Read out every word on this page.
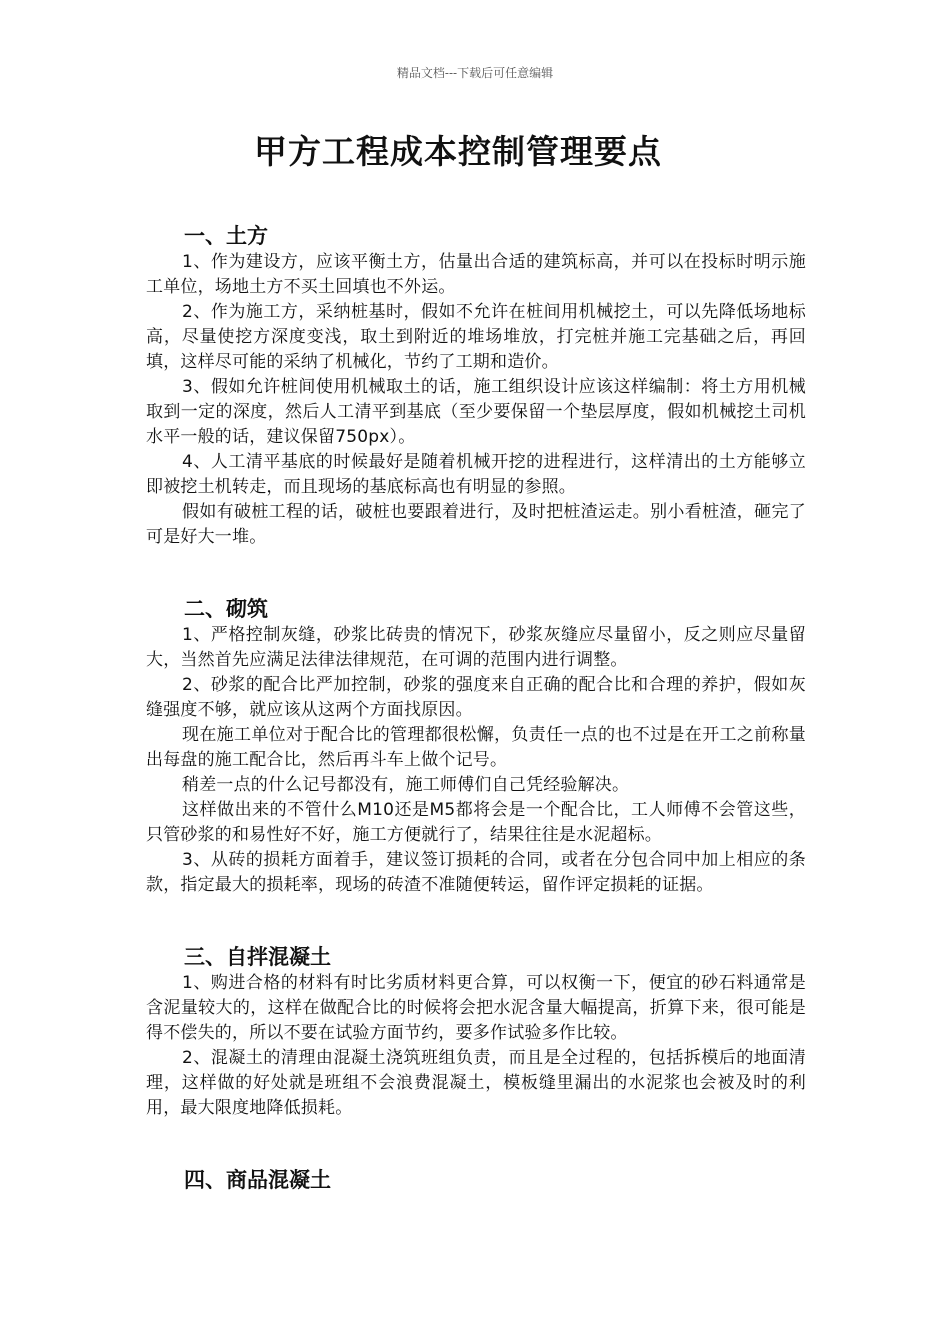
精品文档---下载后可任意编辑
甲方工程成本控制管理要点
一、土方

1、作为建设方，应该平衡土方，估量出合适的建筑标高，并可以在投标时明示施工单位，场地土方不买土回填也不外运。

2、作为施工方，采纳桩基时，假如不允许在桩间用机械挖土，可以先降低场地标高，尽量使挖方深度变浅，取土到附近的堆场堆放，打完桩并施工完基础之后，再回填，这样尽可能的采纳了机械化，节约了工期和造价。

3、假如允许桩间使用机械取土的话，施工组织设计应该这样编制：将土方用机械取到一定的深度，然后人工清平到基底（至少要保留一个垫层厚度，假如机械挖土司机水平一般的话，建议保留750px）。

4、人工清平基底的时候最好是随着机械开挖的进程进行，这样清出的土方能够立即被挖土机转走，而且现场的基底标高也有明显的参照。

假如有破桩工程的话，破桩也要跟着进行，及时把桩渣运走。别小看桩渣，砸完了可是好大一堆。

二、砌筑

1、严格控制灰缝，砂浆比砖贵的情况下，砂浆灰缝应尽量留小，反之则应尽量留大，当然首先应满足法律法律规范，在可调的范围内进行调整。

2、砂浆的配合比严加控制，砂浆的强度来自正确的配合比和合理的养护，假如灰缝强度不够，就应该从这两个方面找原因。

现在施工单位对于配合比的管理都很松懈，负责任一点的也不过是在开工之前称量出每盘的施工配合比，然后再斗车上做个记号。

稍差一点的什么记号都没有，施工师傅们自己凭经验解决。

这样做出来的不管什么M10还是M5都将会是一个配合比，工人师傅不会管这些，只管砂浆的和易性好不好，施工方便就行了，结果往往是水泥超标。

3、从砖的损耗方面着手，建议签订损耗的合同，或者在分包合同中加上相应的条款，指定最大的损耗率，现场的砖渣不准随便转运，留作评定损耗的证据。

三、自拌混凝土

1、购进合格的材料有时比劣质材料更合算，可以权衡一下，便宜的砂石料通常是含泥量较大的，这样在做配合比的时候将会把水泥含量大幅提高，折算下来，很可能是得不偿失的，所以不要在试验方面节约，要多作试验多作比较。

2、混凝土的清理由混凝土浇筑班组负责，而且是全过程的，包括拆模后的地面清理，这样做的好处就是班组不会浪费混凝土，模板缝里漏出的水泥浆也会被及时的利用，最大限度地降低损耗。

四、商品混凝土
